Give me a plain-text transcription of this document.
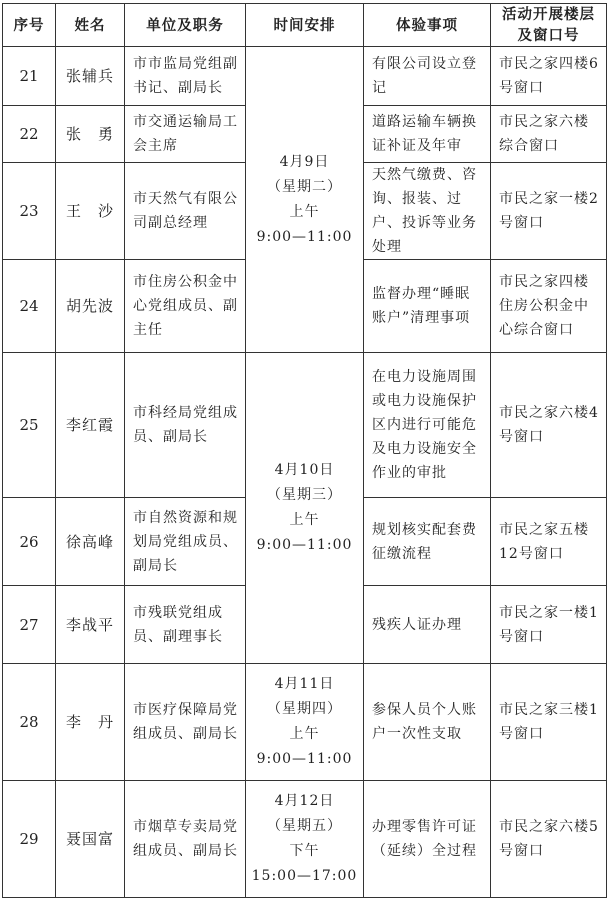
序号	姓名	单位及职务	时间安排	体验事项	活动开展楼层及窗口号
21	张辅兵	市市监局党组副书记、副局长	4月9日
（星期二）
上午
9:00—11:00	有限公司设立登记	市民之家四楼6号窗口
22	张　勇	市交通运输局工会主席		道路运输车辆换证补证及年审	市民之家六楼综合窗口
23	王　沙	市天然气有限公司副总经理		天然气缴费、咨询、报装、过户、投诉等业务处理	市民之家一楼2号窗口
24	胡先波	市住房公积金中心党组成员、副主任		监督办理“睡眠账户”清理事项	市民之家四楼住房公积金中心综合窗口
25	李红霞	市科经局党组成员、副局长	4月10日
（星期三）
上午
9:00—11:00	在电力设施周围或电力设施保护区内进行可能危及电力设施安全作业的审批	市民之家六楼4号窗口
26	徐高峰	市自然资源和规划局党组成员、副局长		规划核实配套费征缴流程	市民之家五楼12号窗口
27	李战平	市残联党组成员、副理事长		残疾人证办理	市民之家一楼1号窗口
28	李　丹	市医疗保障局党组成员、副局长	4月11日
（星期四）
上午
9:00—11:00	参保人员个人账户一次性支取	市民之家三楼1号窗口
29	聂国富	市烟草专卖局党组成员、副局长	4月12日
（星期五）
下午
15:00—17:00	办理零售许可证（延续）全过程	市民之家六楼5号窗口
